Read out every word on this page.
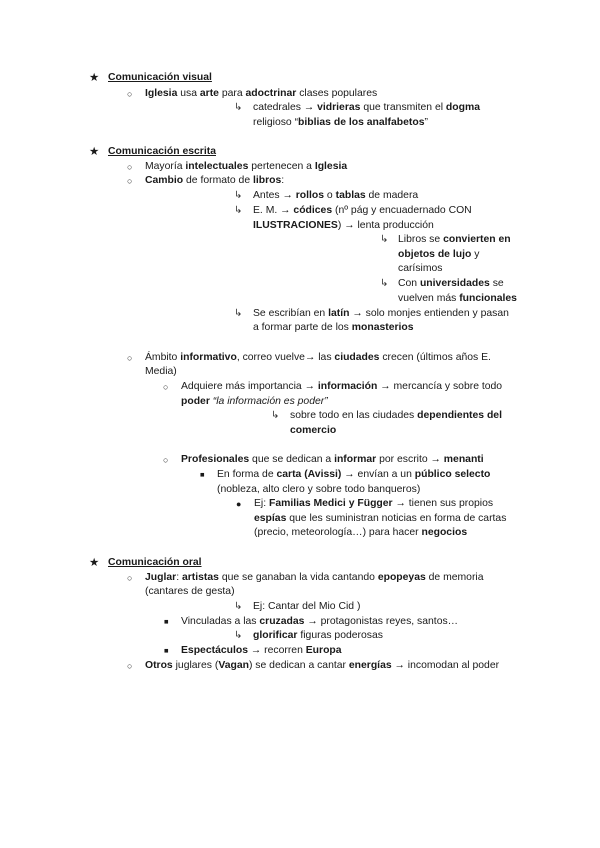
★ Comunicación visual
○ Iglesia usa arte para adoctrinar clases populares
↳ catedrales → vidrieras que transmiten el dogma
religioso “biblias de los analfabetos”
★ Comunicación escrita
○ Mayoría intelectuales pertenecen a Iglesia
○ Cambio de formato de libros:
↳ Antes → rollos o tablas de madera
↳ E. M. → códices (nº pág y encuadernado CON
ILUSTRACIONES) → lenta producción
↳ Libros se convierten en
objetos de lujo y
carísimos
↳ Con universidades se
vuelven más funcionales
↳ Se escribían en latín → solo monjes entienden y pasan
a formar parte de los monasterios
○ Ámbito informativo, correo vuelve→ las ciudades crecen (últimos años E.
Media)
○ Adquiere más importancia → información → mercancía y sobre todo
poder “la información es poder”
↳ sobre todo en las ciudades dependientes del
comercio
○ Profesionales que se dedican a informar por escrito → menanti
■ En forma de carta (Avissi) → envían a un público selecto
(nobleza, alto clero y sobre todo banqueros)
● Ej: Familias Medici y Függer → tienen sus propios
espías que les suministran noticias en forma de cartas
(precio, meteorología…) para hacer negocios
★ Comunicación oral
○ Juglar: artistas que se ganaban la vida cantando epopeyas de memoria
(cantares de gesta)
↳ Ej: Cantar del Mio Cid )
■ Vinculadas a las cruzadas → protagonistas reyes, santos…
↳ glorificar figuras poderosas
■ Espectáculos → recorren Europa
○ Otros juglares (Vagan) se dedican a cantar energías → incomodan al poder
